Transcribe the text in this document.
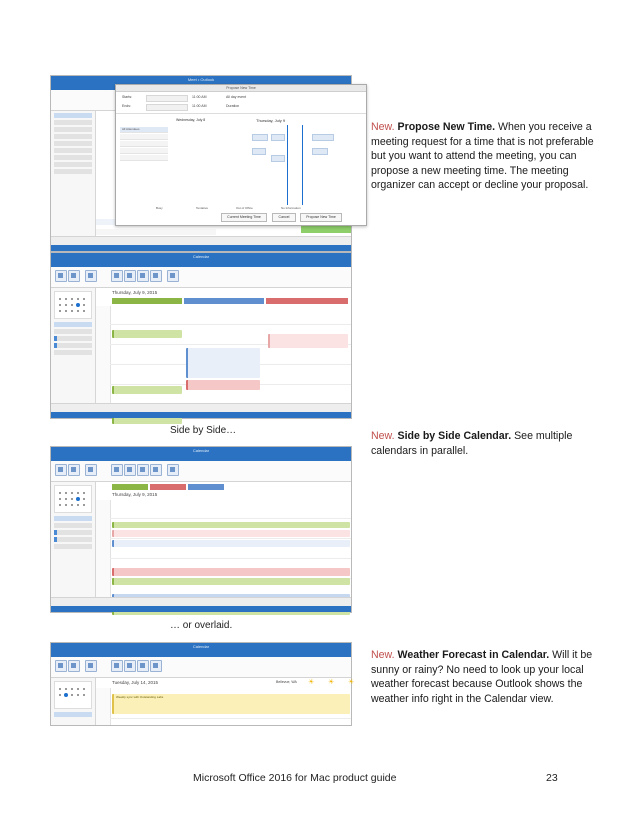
Meet • Outlook
Propose New Time
Starts:	11:00 AM	All day event
Ends:	11:00 AM	Duration
Wednesday, July 8	Thursday, July 9
All Attendees
Busy	Tentative	Out of Office	No Information
Current Meeting Time	Cancel	Propose New Time
Calendar
Thursday, July 9, 2015
Side by Side…
Calendar
Thursday, July 9, 2015
… or overlaid.
Calendar
Tuesday, July 14, 2015	Bellevue, WA ☀ ☀ ☀
Weekly sync with Outstanding Labs
New. Propose New Time. When you receive a meeting request for a time that is not preferable but you want to attend the meeting, you can propose a new meeting time. The meeting organizer can accept or decline your proposal.
New. Side by Side Calendar. See multiple calendars in parallel.
New. Weather Forecast in Calendar. Will it be sunny or rainy? No need to look up your local weather forecast because Outlook shows the weather info right in the Calendar view.
Microsoft Office 2016 for Mac product guide	23
